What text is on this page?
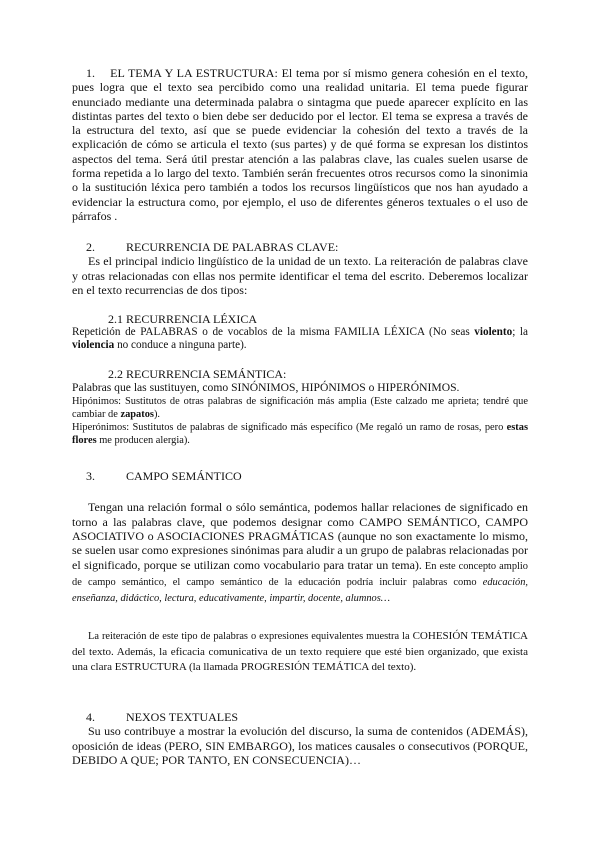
1. EL TEMA Y LA ESTRUCTURA: El tema por sí mismo genera cohesión en el texto, pues logra que el texto sea percibido como una realidad unitaria. El tema puede figurar enunciado mediante una determinada palabra o sintagma que puede aparecer explícito en las distintas partes del texto o bien debe ser deducido por el lector. El tema se expresa a través de la estructura del texto, así que se puede evidenciar la cohesión del texto a través de la explicación de cómo se articula el texto (sus partes) y de qué forma se expresan los distintos aspectos del tema. Será útil prestar atención a las palabras clave, las cuales suelen usarse de forma repetida a lo largo del texto. También serán frecuentes otros recursos como la sinonimia o la sustitución léxica pero también a todos los recursos lingüísticos que nos han ayudado a evidenciar la estructura como, por ejemplo, el uso de diferentes géneros textuales o el uso de párrafos .

2.	RECURRENCIA DE PALABRAS CLAVE:

Es el principal indicio lingüístico de la unidad de un texto. La reiteración de palabras clave y otras relacionadas con ellas nos permite identificar el tema del escrito. Deberemos localizar en el texto recurrencias de dos tipos:

2.1 RECURRENCIA LÉXICA

Repetición de PALABRAS o de vocablos de la misma FAMILIA LÉXICA (No seas violento; la violencia no conduce a ninguna parte).

2.2 RECURRENCIA SEMÁNTICA:

Palabras que las sustituyen, como SINÓNIMOS, HIPÓNIMOS o HIPERÓNIMOS.

Hipónimos: Sustitutos de otras palabras de significación más amplia (Este calzado me aprieta; tendré que cambiar de zapatos).

Hiperónimos: Sustitutos de palabras de significado más específico (Me regaló un ramo de rosas, pero estas flores me producen alergia).

3.	CAMPO SEMÁNTICO

Tengan una relación formal o sólo semántica, podemos hallar relaciones de significado en torno a las palabras clave, que podemos designar como CAMPO SEMÁNTICO, CAMPO ASOCIATIVO o ASOCIACIONES PRAGMÁTICAS (aunque no son exactamente lo mismo, se suelen usar como expresiones sinónimas para aludir a un grupo de palabras relacionadas por el significado, porque se utilizan como vocabulario para tratar un tema). En este concepto amplio de campo semántico, el campo semántico de la educación podría incluir palabras como educación, enseñanza, didáctico, lectura, educativamente, impartir, docente, alumnos…

La reiteración de este tipo de palabras o expresiones equivalentes muestra la COHESIÓN TEMÁTICA del texto. Además, la eficacia comunicativa de un texto requiere que esté bien organizado, que exista una clara ESTRUCTURA (la llamada PROGRESIÓN TEMÁTICA del texto).

4.	NEXOS TEXTUALES

Su uso contribuye a mostrar la evolución del discurso, la suma de contenidos (ADEMÁS), oposición de ideas (PERO, SIN EMBARGO), los matices causales o consecutivos (PORQUE, DEBIDO A QUE; POR TANTO, EN CONSECUENCIA)…
